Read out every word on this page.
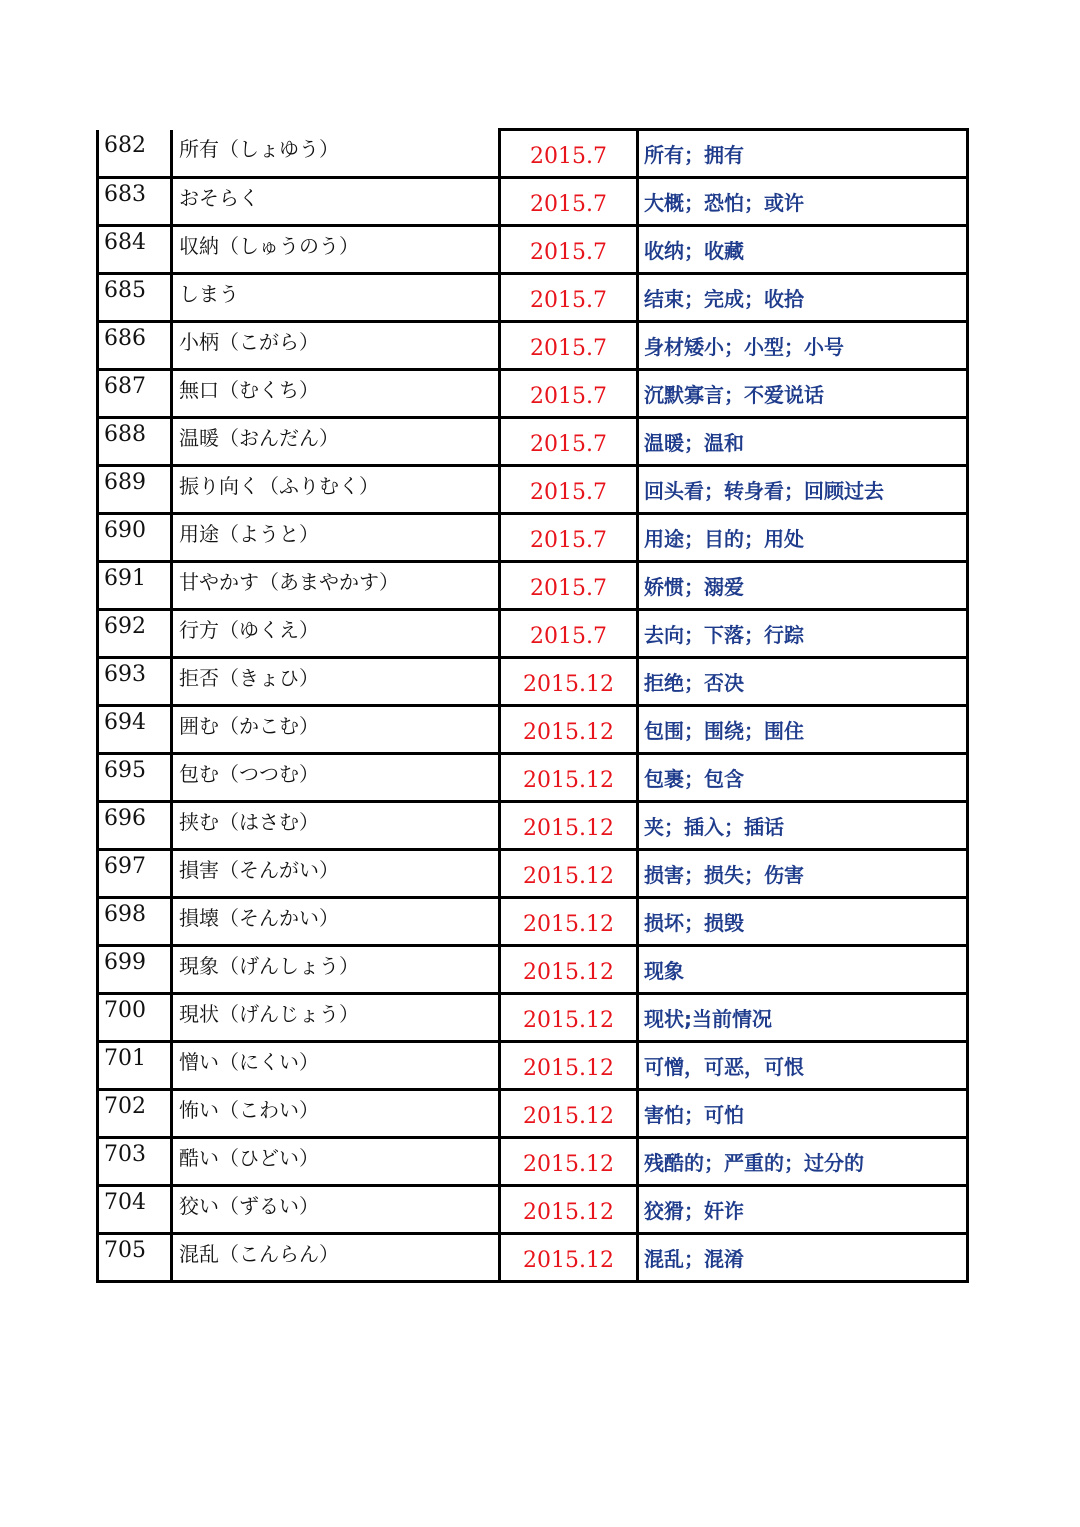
682	所有（しょゆう）	2015.7	所有；拥有
683	おそらく	2015.7	大概；恐怕；或许
684	収納（しゅうのう）	2015.7	收纳；收藏
685	しまう	2015.7	结束；完成；收拾
686	小柄（こがら）	2015.7	身材矮小；小型；小号
687	無口（むくち）	2015.7	沉默寡言；不爱说话
688	温暖（おんだん）	2015.7	温暖；温和
689	振り向く（ふりむく）	2015.7	回头看；转身看；回顾过去
690	用途（ようと）	2015.7	用途；目的；用处
691	甘やかす（あまやかす）	2015.7	娇惯；溺爱
692	行方（ゆくえ）	2015.7	去向；下落；行踪
693	拒否（きょひ）	2015.12	拒绝；否决
694	囲む（かこむ）	2015.12	包围；围绕；围住
695	包む（つつむ）	2015.12	包裹；包含
696	挟む（はさむ）	2015.12	夹；插入；插话
697	損害（そんがい）	2015.12	损害；损失；伤害
698	損壊（そんかい）	2015.12	损坏；损毁
699	現象（げんしょう）	2015.12	现象
700	現状（げんじょう）	2015.12	现状;当前情况
701	憎い（にくい）	2015.12	可憎，可恶，可恨
702	怖い（こわい）	2015.12	害怕；可怕
703	酷い（ひどい）	2015.12	残酷的；严重的；过分的
704	狡い（ずるい）	2015.12	狡猾；奸诈
705	混乱（こんらん）	2015.12	混乱；混淆
